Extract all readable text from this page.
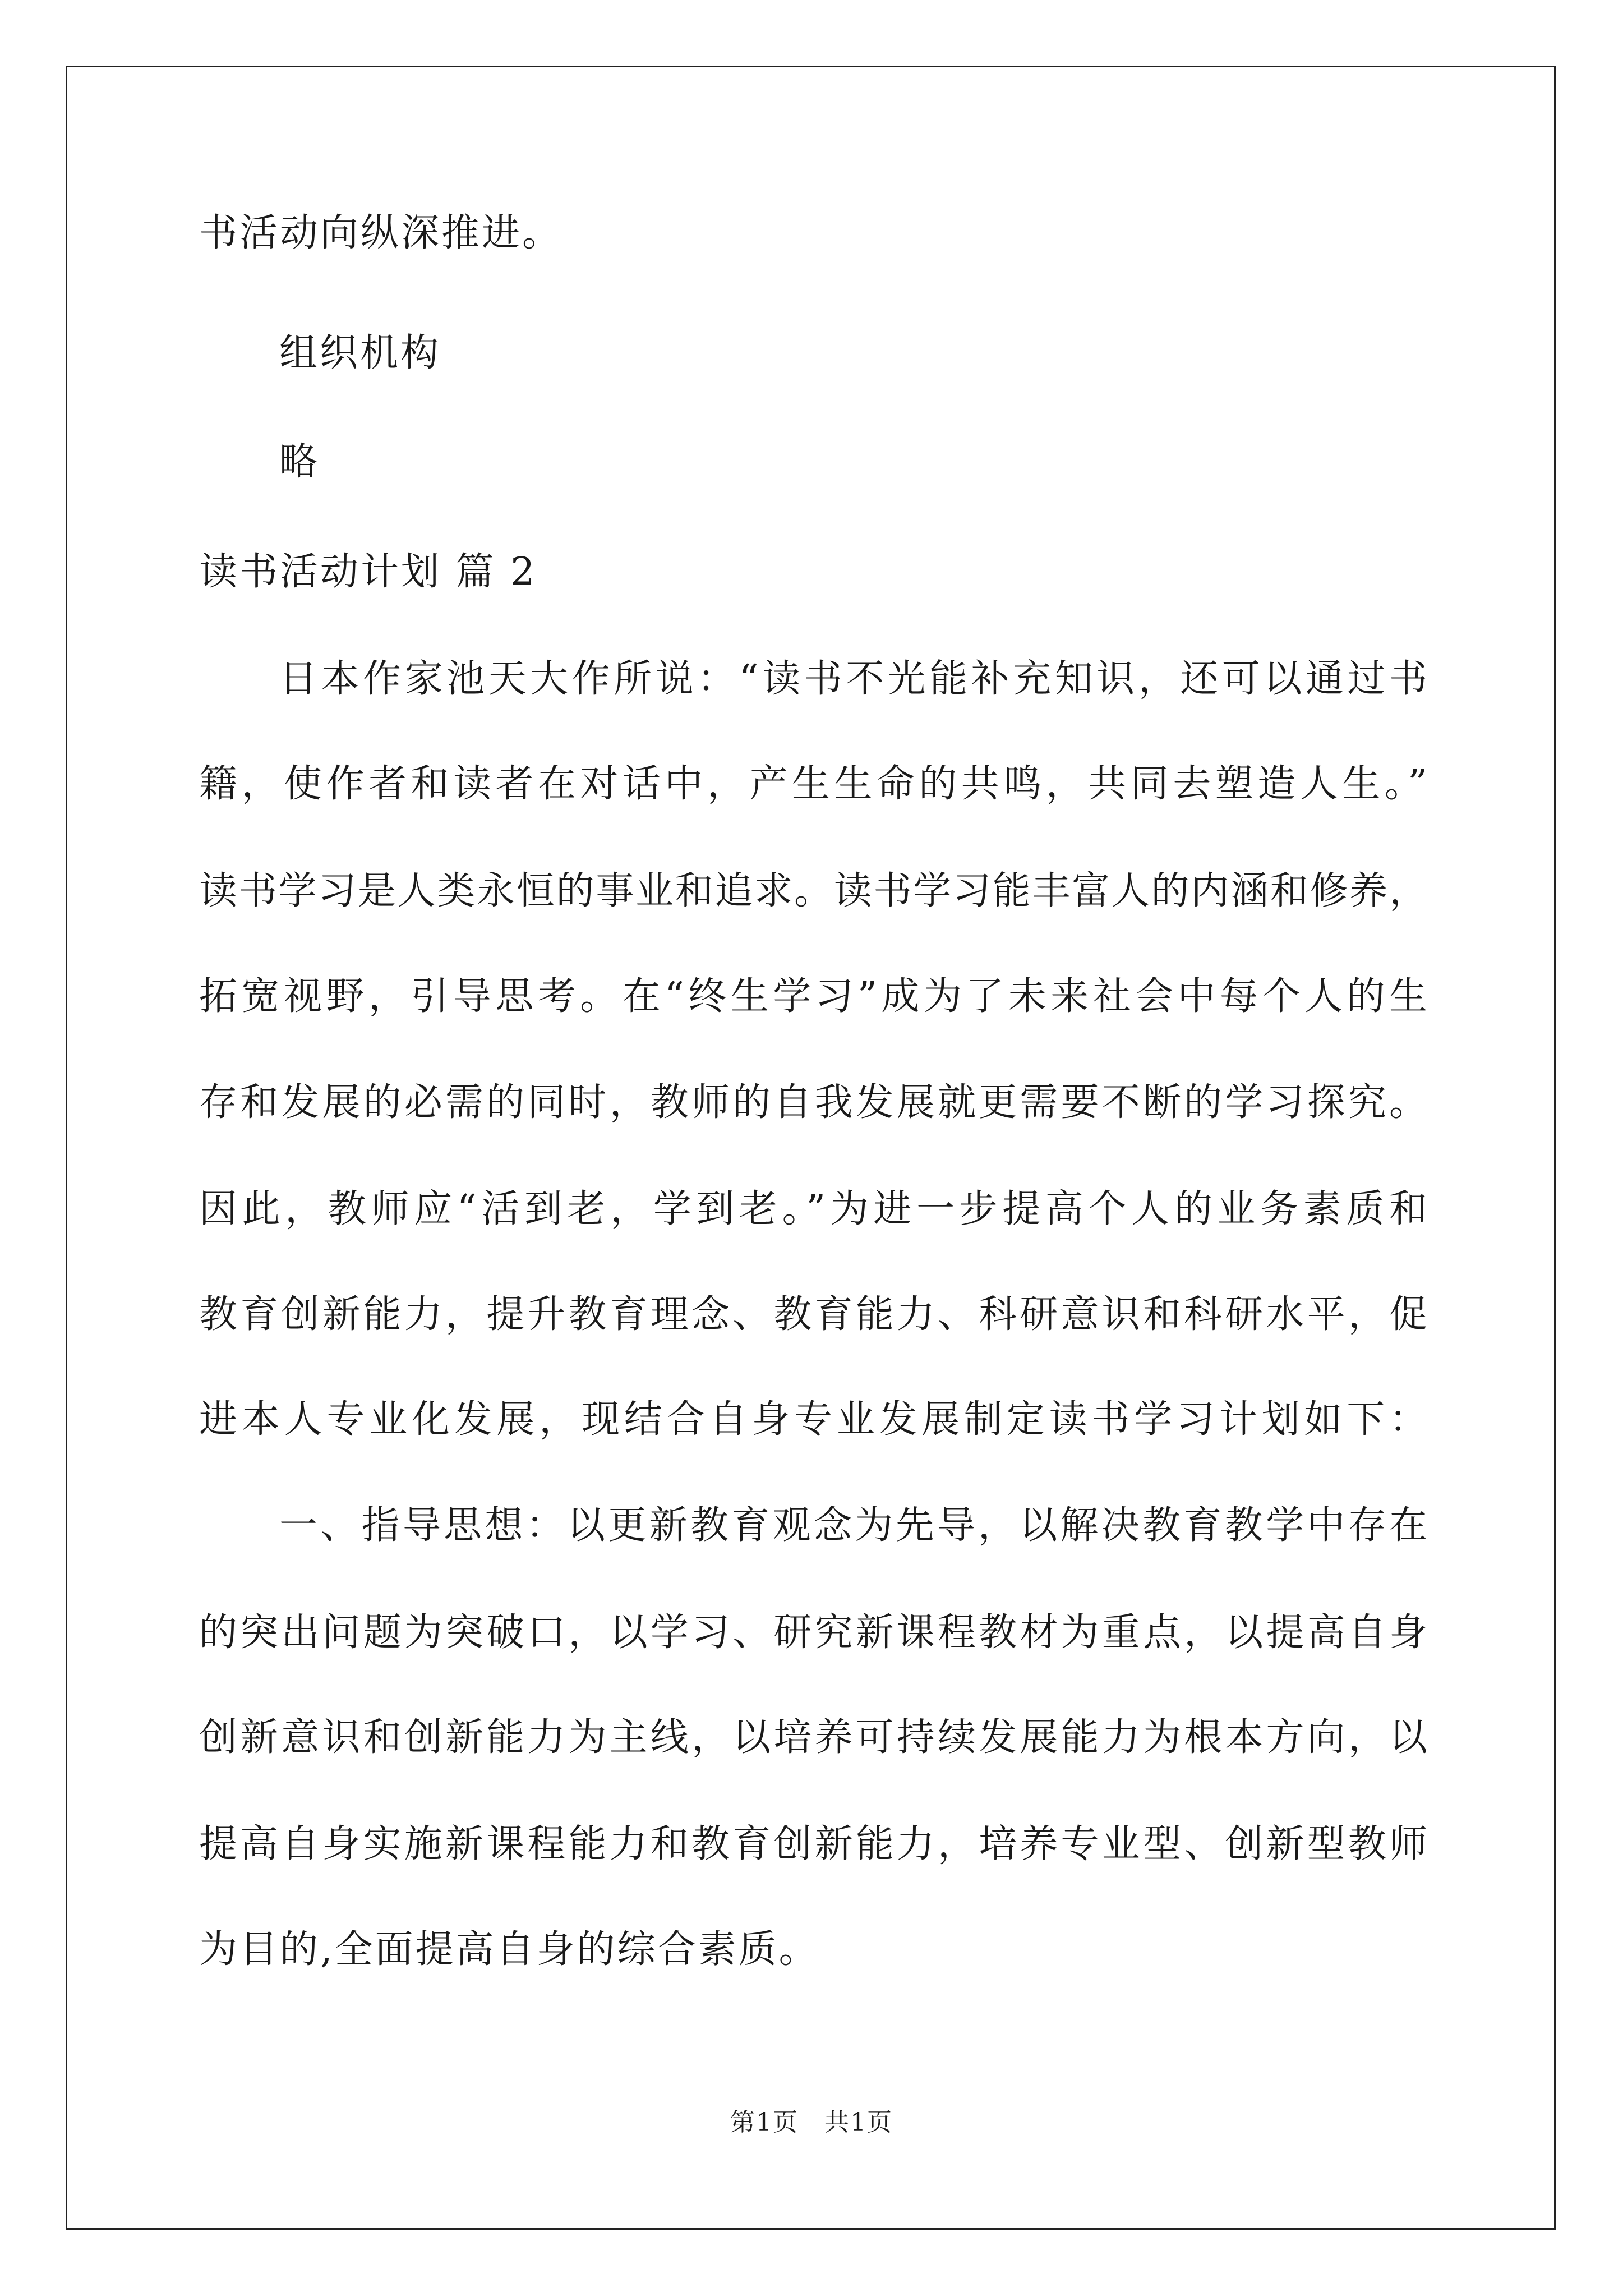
书活动向纵深推进。
组织机构
略
读书活动计划 篇 2
日本作家池天大作所说：“读书不光能补充知识，还可以通过书
籍，使作者和读者在对话中，产生生命的共鸣，共同去塑造人生。”
读书学习是人类永恒的事业和追求。读书学习能丰富人的内涵和修养，
拓宽视野，引导思考。在“终生学习”成为了未来社会中每个人的生
存和发展的必需的同时，教师的自我发展就更需要不断的学习探究。
因此，教师应“活到老，学到老。”为进一步提高个人的业务素质和
教育创新能力，提升教育理念、教育能力、科研意识和科研水平，促
进本人专业化发展，现结合自身专业发展制定读书学习计划如下：
一、指导思想：以更新教育观念为先导，以解决教育教学中存在
的突出问题为突破口，以学习、研究新课程教材为重点，以提高自身
创新意识和创新能力为主线，以培养可持续发展能力为根本方向，以
提高自身实施新课程能力和教育创新能力，培养专业型、创新型教师
为目的,全面提高自身的综合素质。
第1页　共1页
